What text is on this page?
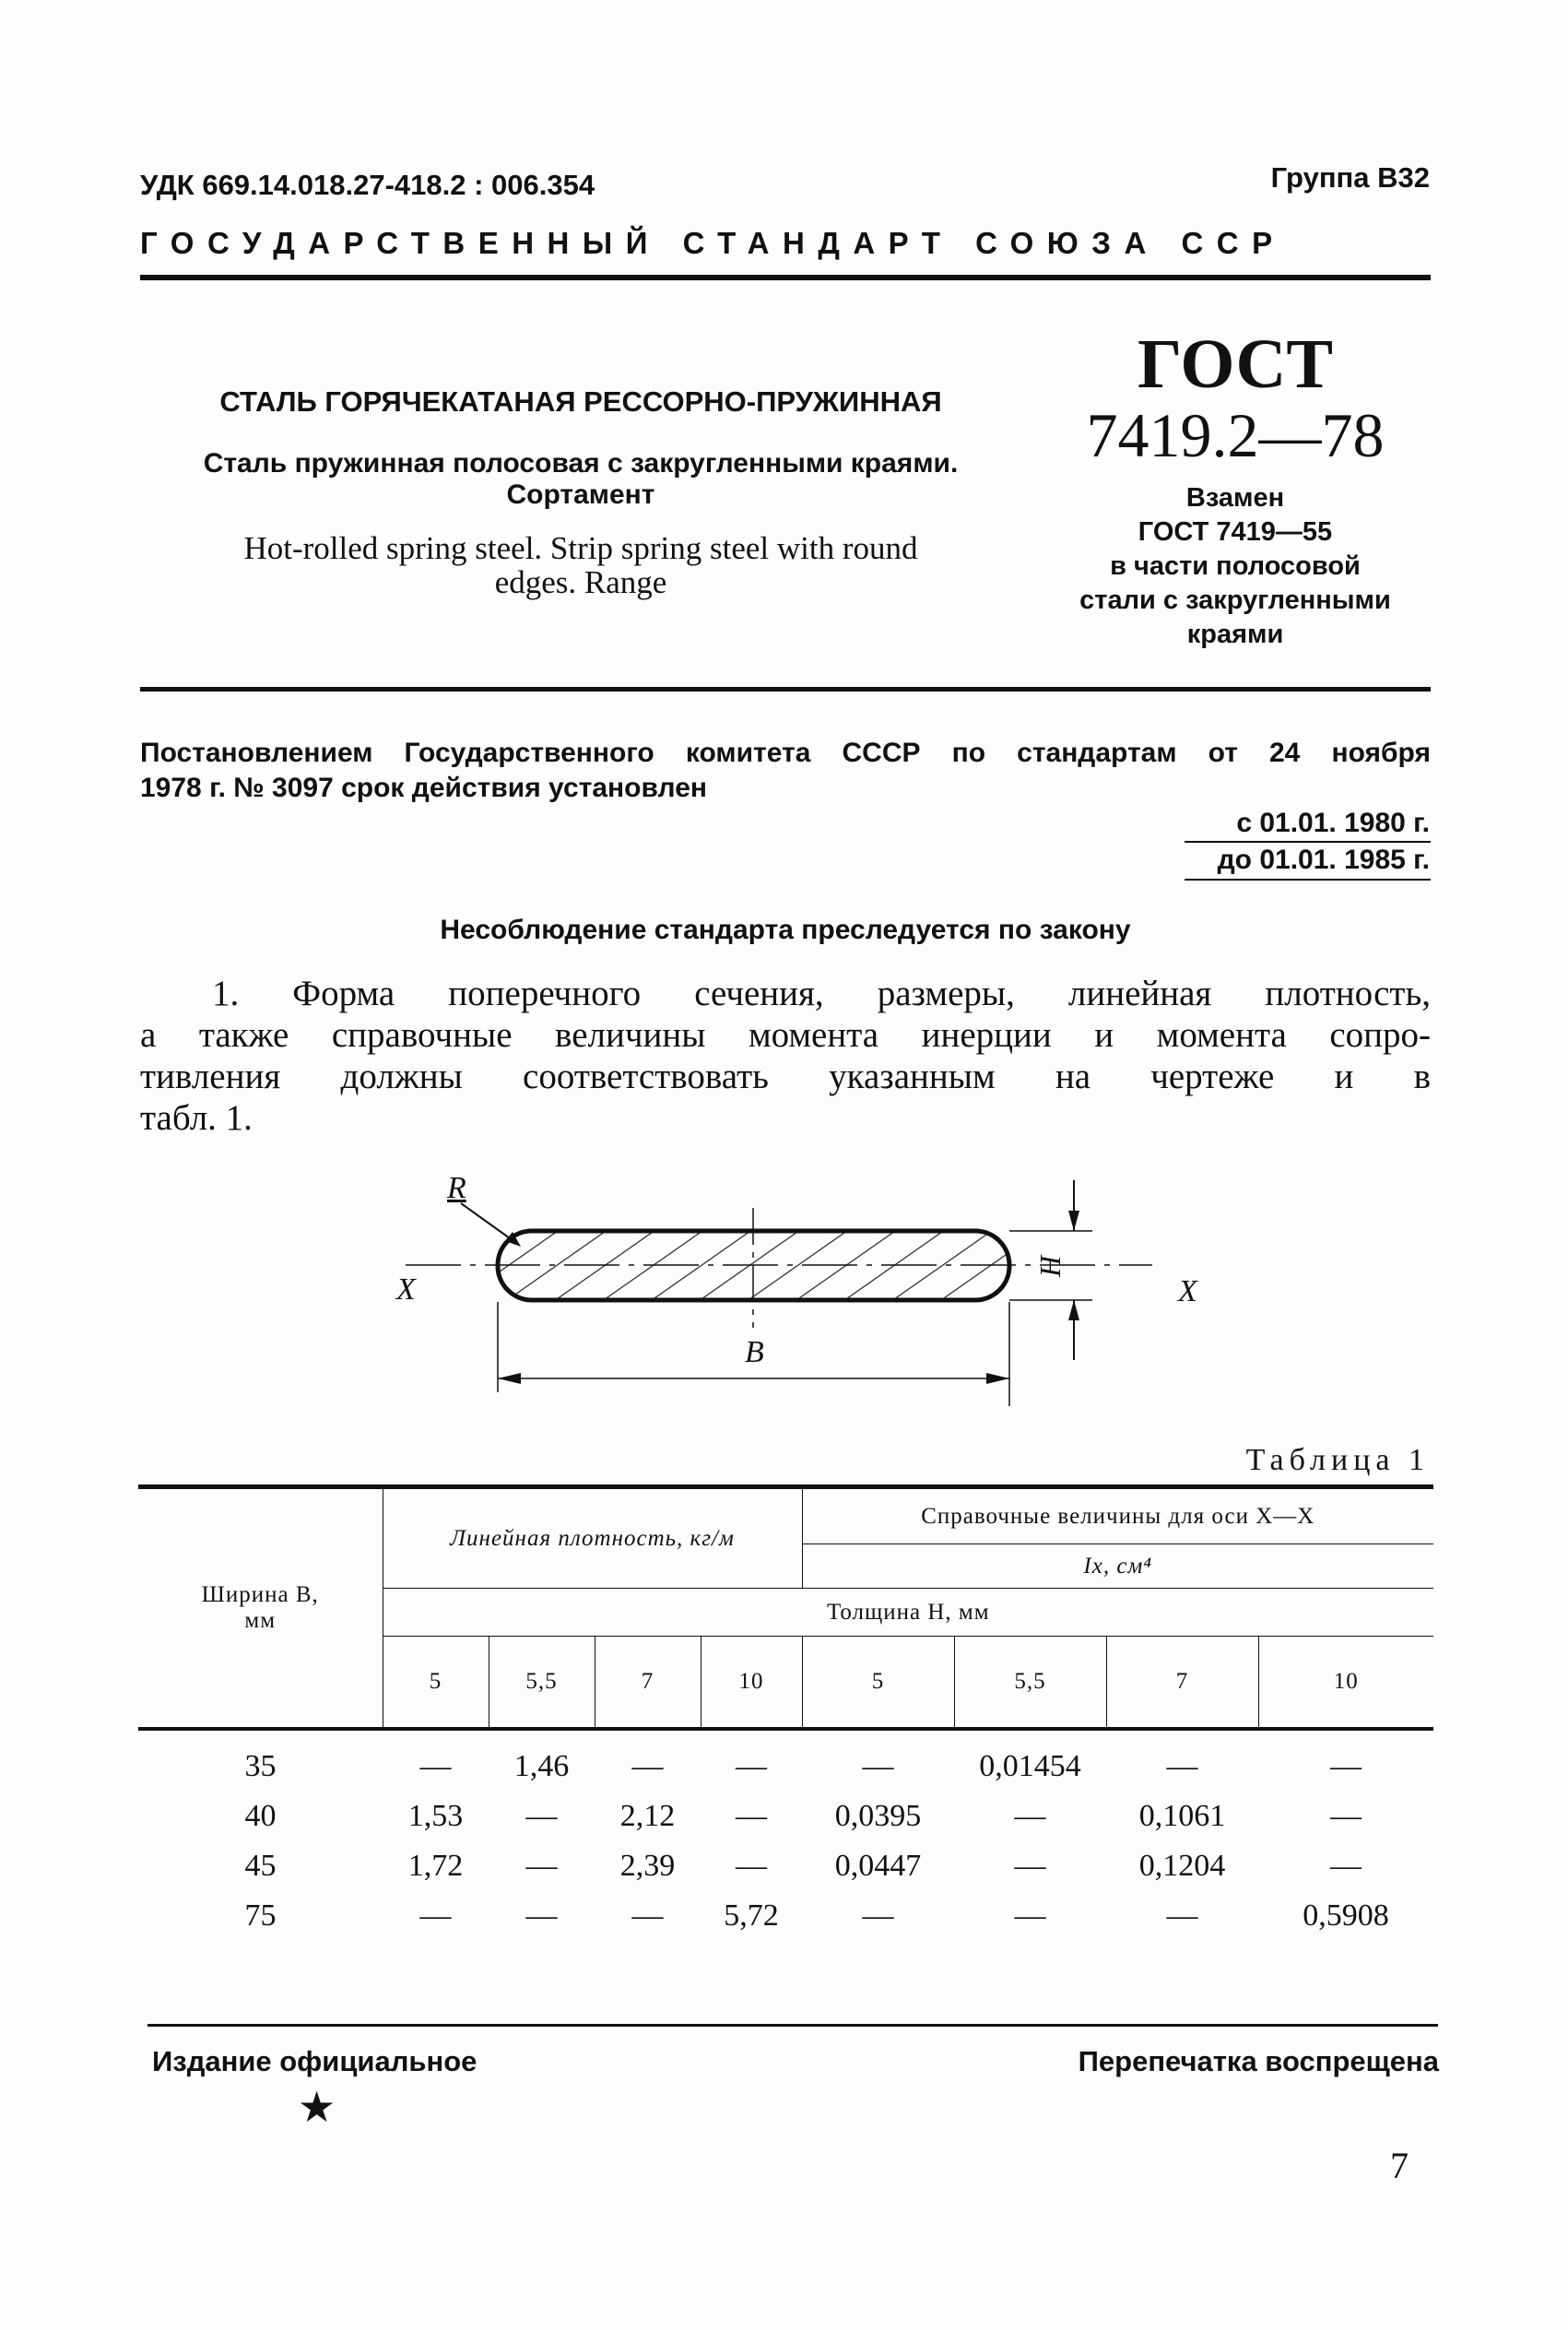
УДК 669.14.018.27-418.2 : 006.354	Группа В32
ГОСУДАРСТВЕННЫЙ СТАНДАРТ СОЮЗА ССР
СТАЛЬ ГОРЯЧЕКАТАНАЯ РЕССОРНО-ПРУЖИННАЯ
Сталь пружинная полосовая с закругленными краями.
Сортамент
Hot-rolled spring steel. Strip spring steel with round
edges. Range
ГОСТ
7419.2—78
Взамен
ГОСТ 7419—55
в части полосовой
стали с закругленными
краями
Постановлением Государственного комитета СССР по стандартам от 24 ноября
1978 г. № 3097 срок действия установлен
с 01.01. 1980 г.
до 01.01. 1985 г.
Несоблюдение стандарта преследуется по закону
1. Форма поперечного сечения, размеры, линейная плотность,
а также справочные величины момента инерции и момента сопро-
тивления должны соответствовать указанным на чертеже и в
табл. 1.
R
X	X
H
B
Таблица 1
Ширина B,
мм	Линейная плотность, кг/м				Справочные величины для оси X—X			
					Ix, см⁴			
	Толщина H, мм							
	5	5,5	7	10	5	5,5	7	10

35	—	1,46	—	—	—	0,01454	—	—
40	1,53	—	2,12	—	0,0395	—	0,1061	—
45	1,72	—	2,39	—	0,0447	—	0,1204	—
75	—	—	—	5,72	—	—	—	0,5908
Издание официальное	Перепечатка воспрещена
★
7
